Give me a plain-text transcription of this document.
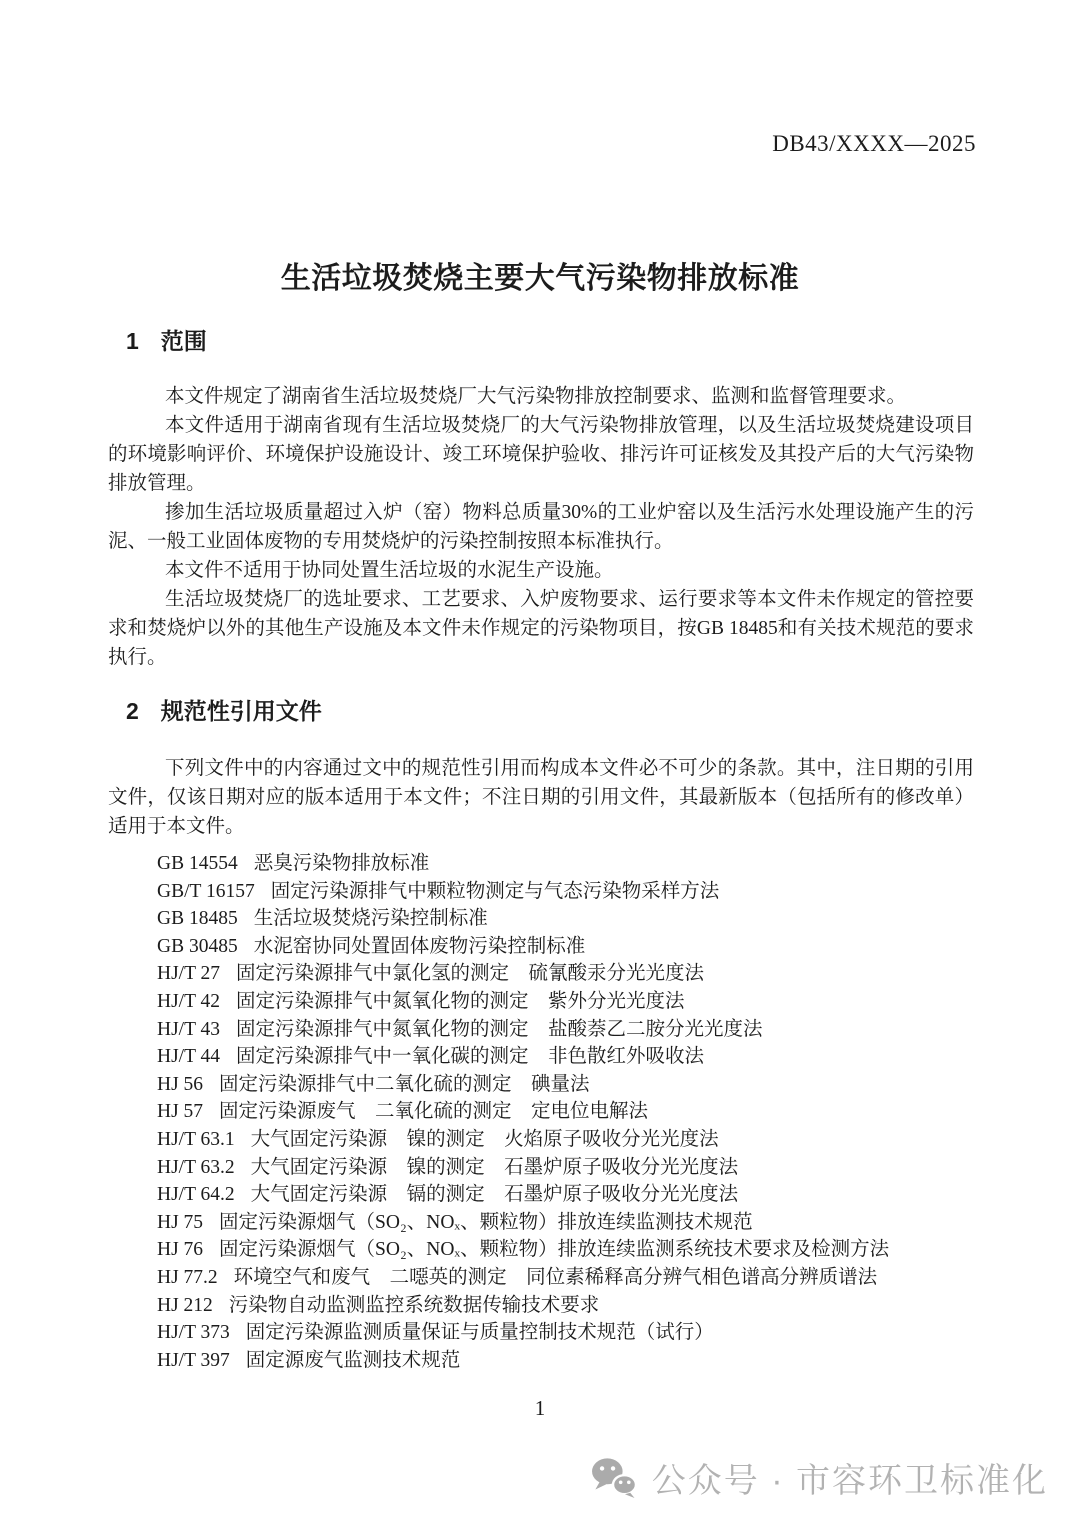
DB43/XXXX—2025
生活垃圾焚烧主要大气污染物排放标准
1 范围

本文件规定了湖南省生活垃圾焚烧厂大气污染物排放控制要求、监测和监督管理要求。

本文件适用于湖南省现有生活垃圾焚烧厂的大气污染物排放管理，以及生活垃圾焚烧建设项目的环境影响评价、环境保护设施设计、竣工环境保护验收、排污许可证核发及其投产后的大气污染物排放管理。

掺加生活垃圾质量超过入炉（窑）物料总质量30%的工业炉窑以及生活污水处理设施产生的污泥、一般工业固体废物的专用焚烧炉的污染控制按照本标准执行。

本文件不适用于协同处置生活垃圾的水泥生产设施。

生活垃圾焚烧厂的选址要求、工艺要求、入炉废物要求、运行要求等本文件未作规定的管控要求和焚烧炉以外的其他生产设施及本文件未作规定的污染物项目，按GB 18485和有关技术规范的要求执行。

2 规范性引用文件

下列文件中的内容通过文中的规范性引用而构成本文件必不可少的条款。其中，注日期的引用文件，仅该日期对应的版本适用于本文件；不注日期的引用文件，其最新版本（包括所有的修改单）适用于本文件。

GB 14554 恶臭污染物排放标准
GB/T 16157 固定污染源排气中颗粒物测定与气态污染物采样方法
GB 18485 生活垃圾焚烧污染控制标准
GB 30485 水泥窑协同处置固体废物污染控制标准
HJ/T 27 固定污染源排气中氯化氢的测定　硫氰酸汞分光光度法
HJ/T 42 固定污染源排气中氮氧化物的测定　紫外分光光度法
HJ/T 43 固定污染源排气中氮氧化物的测定　盐酸萘乙二胺分光光度法
HJ/T 44 固定污染源排气中一氧化碳的测定　非色散红外吸收法
HJ 56 固定污染源排气中二氧化硫的测定　碘量法
HJ 57 固定污染源废气　二氧化硫的测定　定电位电解法
HJ/T 63.1 大气固定污染源　镍的测定　火焰原子吸收分光光度法
HJ/T 63.2 大气固定污染源　镍的测定　石墨炉原子吸收分光光度法
HJ/T 64.2 大气固定污染源　镉的测定　石墨炉原子吸收分光光度法
HJ 75 固定污染源烟气（SO₂、NOₓ、颗粒物）排放连续监测技术规范
HJ 76 固定污染源烟气（SO₂、NOₓ、颗粒物）排放连续监测系统技术要求及检测方法
HJ 77.2 环境空气和废气　二噁英的测定　同位素稀释高分辨气相色谱高分辨质谱法
HJ 212 污染物自动监测监控系统数据传输技术要求
HJ/T 373 固定污染源监测质量保证与质量控制技术规范（试行）
HJ/T 397 固定源废气监测技术规范
1
公众号 · 市容环卫标准化
